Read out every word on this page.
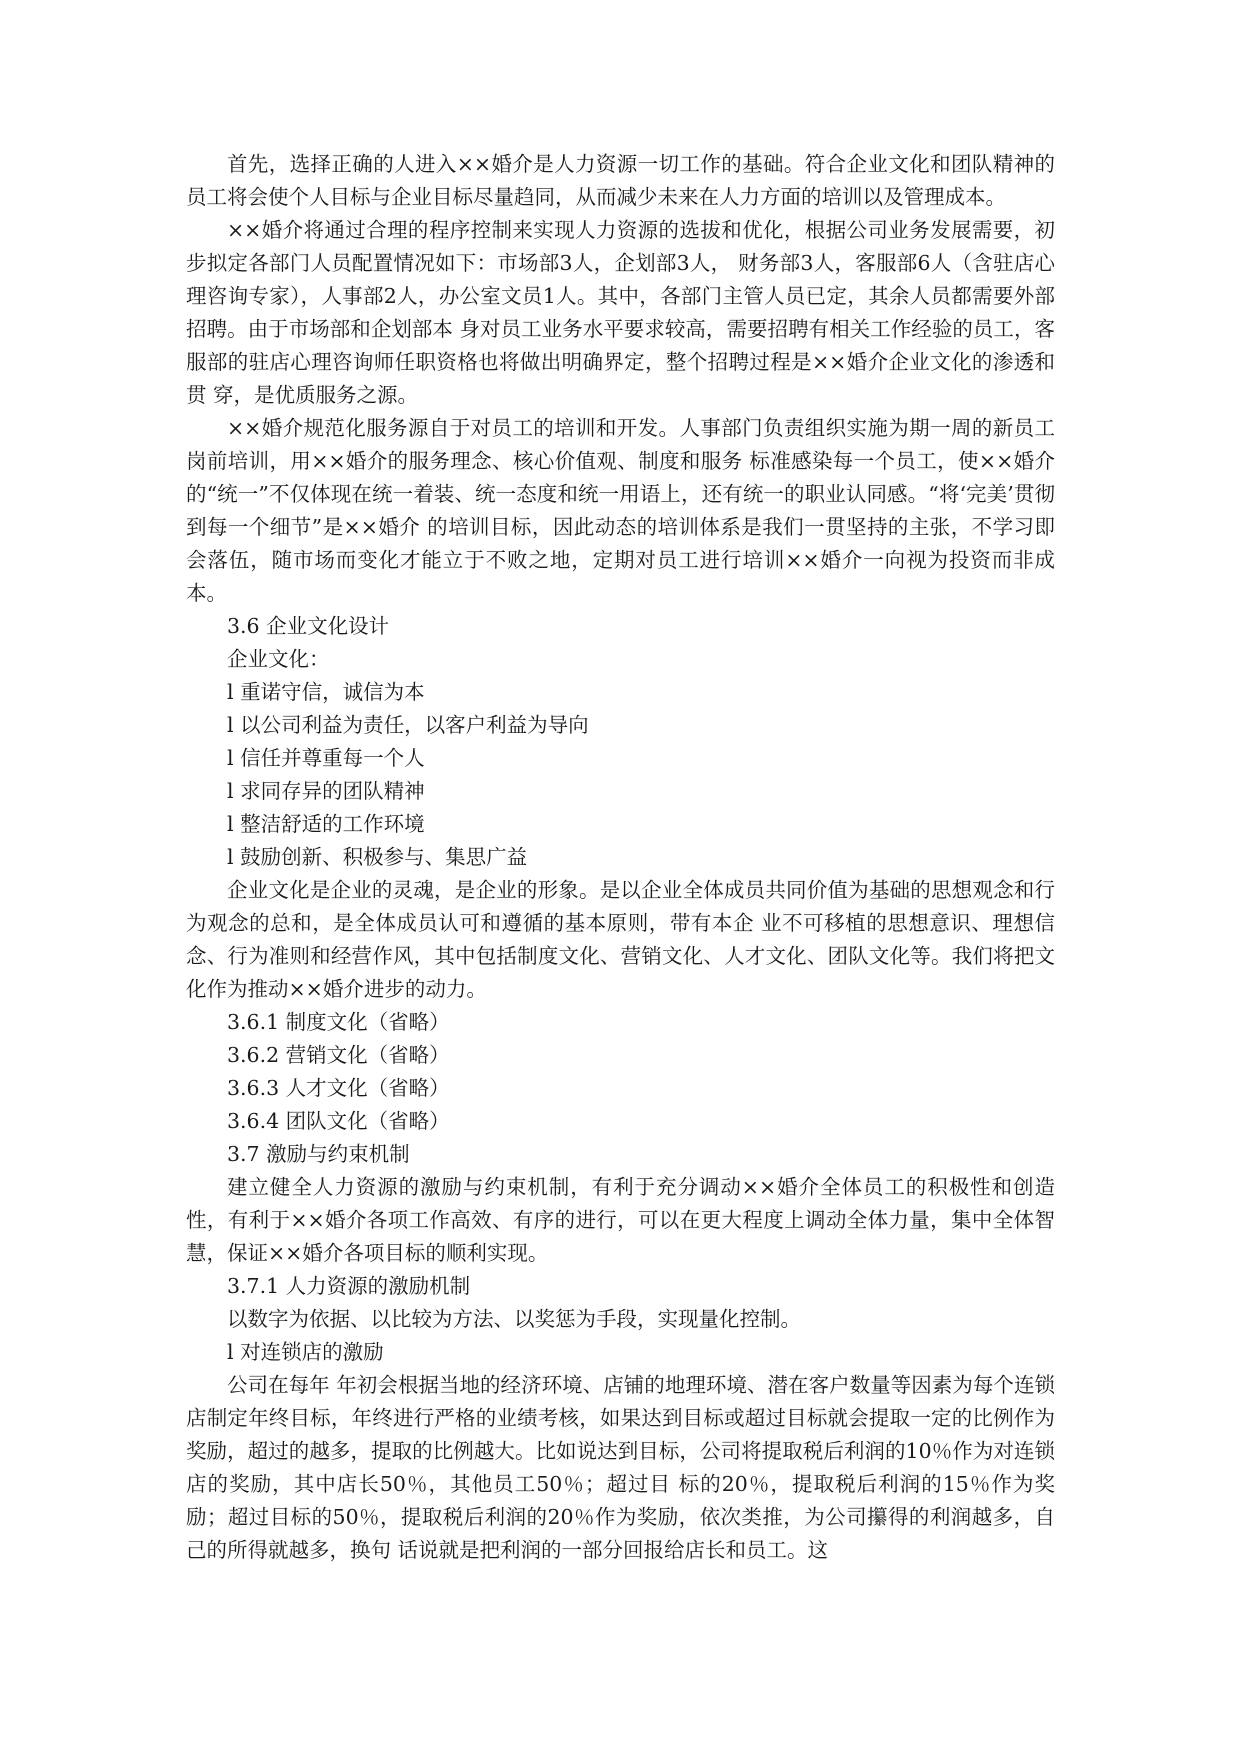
首先，选择正确的人进入××婚介是人力资源一切工作的基础。符合企业文化和团队精神的员工将会使个人目标与企业目标尽量趋同，从而减少未来在人力方面的培训以及管理成本。

××婚介将通过合理的程序控制来实现人力资源的选拔和优化，根据公司业务发展需要，初步拟定各部门人员配置情况如下：市场部3人，企划部3人， 财务部3人，客服部6人（含驻店心理咨询专家），人事部2人，办公室文员1人。其中，各部门主管人员已定，其余人员都需要外部招聘。由于市场部和企划部本 身对员工业务水平要求较高，需要招聘有相关工作经验的员工，客服部的驻店心理咨询师任职资格也将做出明确界定，整个招聘过程是××婚介企业文化的渗透和贯 穿，是优质服务之源。

××婚介规范化服务源自于对员工的培训和开发。人事部门负责组织实施为期一周的新员工岗前培训，用××婚介的服务理念、核心价值观、制度和服务 标准感染每一个员工，使××婚介的“统一”不仅体现在统一着装、统一态度和统一用语上，还有统一的职业认同感。“将‘完美’贯彻到每一个细节”是××婚介 的培训目标，因此动态的培训体系是我们一贯坚持的主张，不学习即会落伍，随市场而变化才能立于不败之地，定期对员工进行培训××婚介一向视为投资而非成 本。

3.6 企业文化设计

企业文化：

l 重诺守信，诚信为本

l 以公司利益为责任，以客户利益为导向

l 信任并尊重每一个人

l 求同存异的团队精神

l 整洁舒适的工作环境

l 鼓励创新、积极参与、集思广益

企业文化是企业的灵魂，是企业的形象。是以企业全体成员共同价值为基础的思想观念和行为观念的总和，是全体成员认可和遵循的基本原则，带有本企 业不可移植的思想意识、理想信念、行为准则和经营作风，其中包括制度文化、营销文化、人才文化、团队文化等。我们将把文化作为推动××婚介进步的动力。

3.6.1 制度文化（省略）

3.6.2 营销文化（省略）

3.6.3 人才文化（省略）

3.6.4 团队文化（省略）

3.7 激励与约束机制

建立健全人力资源的激励与约束机制，有利于充分调动××婚介全体员工的积极性和创造性，有利于××婚介各项工作高效、有序的进行，可以在更大程度上调动全体力量，集中全体智慧，保证××婚介各项目标的顺利实现。

3.7.1 人力资源的激励机制

以数字为依据、以比较为方法、以奖惩为手段，实现量化控制。

l 对连锁店的激励

公司在每年 年初会根据当地的经济环境、店铺的地理环境、潜在客户数量等因素为每个连锁店制定年终目标，年终进行严格的业绩考核，如果达到目标或超过目标就会提取一定的比例作为奖励，超过的越多，提取的比例越大。比如说达到目标，公司将提取税后利润的10％作为对连锁店的奖励，其中店长50％，其他员工50％；超过目 标的20％，提取税后利润的15％作为奖励；超过目标的50％，提取税后利润的20％作为奖励，依次类推，为公司攥得的利润越多，自己的所得就越多，换句 话说就是把利润的一部分回报给店长和员工。这
